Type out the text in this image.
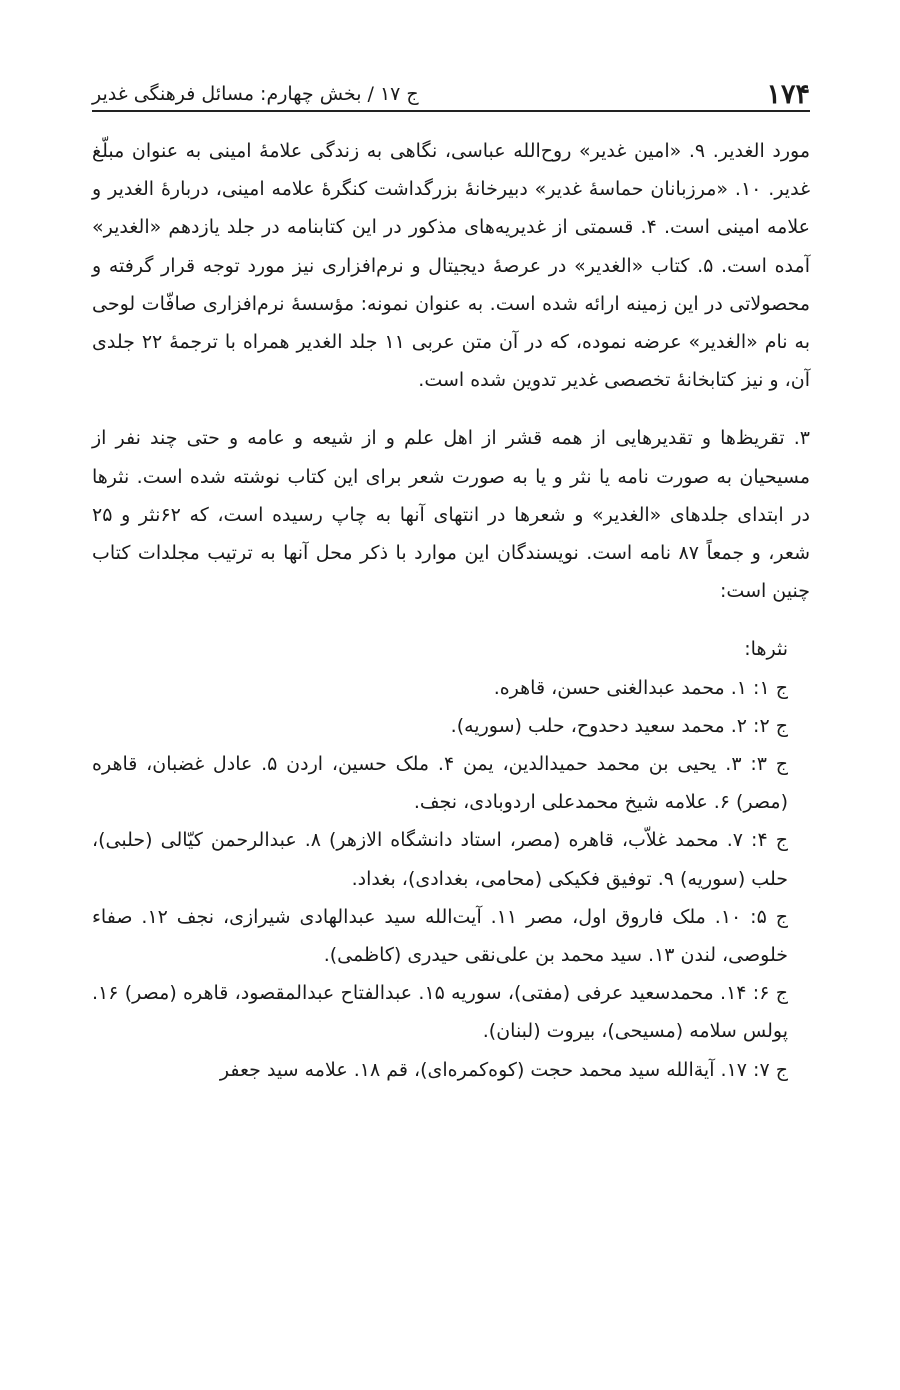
۱۷۴
ج ۱۷ / بخش چهارم: مسائل فرهنگی غدیر

مورد الغدیر. ۹. «امین غدیر» روح‌الله عباسی، نگاهی به زندگی علامهٔ امینی به عنوان مبلّغ غدیر. ۱۰. «مرزبانان حماسهٔ غدیر» دبیرخانهٔ بزرگداشت کنگرهٔ علامه امینی، دربارهٔ الغدیر و علامه امینی است. ۴. قسمتی از غدیریه‌های مذکور در این کتابنامه در جلد یازدهم «الغدیر» آمده است. ۵. کتاب «الغدیر» در عرصهٔ دیجیتال و نرم‌افزاری نیز مورد توجه قرار گرفته و محصولاتی در این زمینه ارائه شده است. به عنوان نمونه: مؤسسهٔ نرم‌افزاری صافّات لوحی به نام «الغدیر» عرضه نموده، که در آن متن عربی ۱۱ جلد الغدیر همراه با ترجمهٔ ۲۲ جلدی آن، و نیز کتابخانهٔ تخصصی غدیر تدوین شده است.

۳. تقریظ‌ها و تقدیرهایی از همه قشر از اهل علم و از شیعه و عامه و حتی چند نفر از مسیحیان به صورت نامه یا نثر و یا به صورت شعر برای این کتاب نوشته شده است. نثرها در ابتدای جلدهای «الغدیر» و شعرها در انتهای آنها به چاپ رسیده است، که ۶۲نثر و ۲۵ شعر، و جمعاً ۸۷ نامه است. نویسندگان این موارد با ذکر محل آنها به ترتیب مجلدات کتاب چنین است:

نثرها:

ج ۱: ۱. محمد عبدالغنی حسن، قاهره.

ج ۲: ۲. محمد سعید دحدوح، حلب (سوریه).

ج ۳: ۳. یحیی بن محمد حمیدالدین، یمن ۴. ملک حسین، اردن ۵. عادل غضبان، قاهره (مصر) ۶. علامه شیخ محمدعلی اردوبادی، نجف.

ج ۴: ۷. محمد غلاّب، قاهره (مصر، استاد دانشگاه الازهر) ۸. عبدالرحمن کیّالی (حلبی)، حلب (سوریه) ۹. توفیق فکیکی (محامی، بغدادی)، بغداد.

ج ۵: ۱۰. ملک فاروق اول، مصر ۱۱. آیت‌الله سید عبدالهادی شیرازی، نجف ۱۲. صفاء خلوصی، لندن ۱۳. سید محمد بن علی‌نقی حیدری (کاظمی).

ج ۶: ۱۴. محمدسعید عرفی (مفتی)، سوریه ۱۵. عبدالفتاح عبدالمقصود، قاهره (مصر) ۱۶. پولس سلامه (مسیحی)، بیروت (لبنان).

ج ۷: ۱۷. آیةالله سید محمد حجت (کوه‌کمره‌ای)، قم ۱۸. علامه سید جعفر
